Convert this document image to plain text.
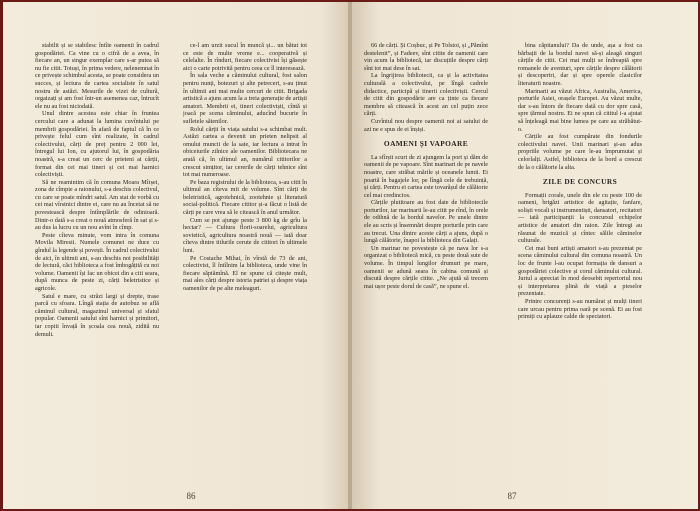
stabilit și se stabilesc întîie oamenii în cadrul gospodăriei. Ca vine cu o cifră de a avea, în fiecare an, un singur exemplar care s-ar putea să nu fie citit. Totuși, în prima vedere, nelenemnat în ce privește schimbul acesta, se poate considera un succes, și lectura de cartea socialiste în satul nostru de astăzi. Mesurile de vizei de cultură, orgaizați și am fost într-un asemenea caz, întrucît ele nu au fost niciodată.

Unul dintre acestea este chiar în fruntea cercului care a adunat la lumina cuvîntului pe membrii gospodăriei. În afară de faptul că în ce privește felul cum sînt realizate, în cadrul colectivului, cărți de preț pentru 2 000 lei, întregul lui Ion, cu ajutorul lui, în gospodăria noastră, s-a creat un cerc de prieteni ai cărții, format din cei mai tineri și cei mai harnici colectiviști.

Să ne reamintim că în comuna Moara Mîrșei, zona de cîmpie a raionului, s-a deschis colectivul, cu care se poate mîndri satul. Am stat de vorbă cu cei mai vîrstnici dintre ei, care nu au încetat să ne povestească despre întîmplările de odinioară. Dintr-o dată s-a creat o nouă atmosferă în sat și s-au dus la lucru cu un nou avînt în cîmp.

Peste cîteva minute, vom intra în comuna Movila Miresii. Numele comunei ne duce cu gîndul la legende și povești. În cadrul colectivului de aici, în ultimii ani, s-au deschis noi posibilități de lectură, căci biblioteca a fost îmbogățită cu noi volume. Oamenii își fac un obicei din a citi seara, după munca de peste zi, cărți beletristice și agricole.

Satul e mare, cu străzi largi și drepte, trase parcă cu sfoara. Lîngă stația de autobuz se află căminul cultural, magazinul universal și sfatul popular. Oamenii satului sînt harnici și primitori, iar copiii învață în școala cea nouă, zidită nu demult.

ce-l am urzit sucul în muncă și... un bătut tot ce este de multe vreme e... cooperativă și celelalte. În rînduri, fiecare colectivist își găsește aici o carte potrivită pentru ceea ce îl interesează.

În sala veche a căminului cultural, fost salon pentru nunți, botezuri și alte petreceri, s-au ținut în ultimii ani mai multe cercuri de citit. Brigada artistică a ajuns acum la a treia generație de artiști amatori. Membrii ei, tineri colectiviști, cîntă și joacă pe scena căminului, aducînd bucurie în sufletele sătenilor.

Rolul cărții în viața satului s-a schimbat mult. Astăzi cartea a devenit un prieten nelipsit al omului muncii de la sate, iar lectura a intrat în obiceiurile zilnice ale oamenilor. Bibliotecara ne arată că, în ultimul an, numărul cititorilor a crescut simțitor, iar cererile de cărți tehnice sînt tot mai numeroase.

Pe baza registrului de la biblioteca, s-au citit în ultimul an cîteva mii de volume. Sînt cărți de beletristică, agrotehnică, zootehnie și literatură social-politică. Fiecare cititor și-a făcut o listă de cărți pe care vrea să le citească în anul următor.

Cum se pot ajunge peste 3 800 kg de grîu la hectar? — Cultura florii-soarelui, agricultura sovietică, agricultura noastră nouă — iată doar cîteva dintre titlurile cerute de cititori în ultimele luni.

Pe Costache Mihai, în vîrstă de 73 de ani, colectivist, îl întîlnim la biblioteca, unde vine în fiecare săptămînă. El ne spune că citește mult, mai ales cărți despre istoria patriei și despre viața oamenilor de pe alte meleaguri.

86

66 de cărți. Și Coșbuc, și Pe Tolstoi, și „Pămînt destelenit”, și Fadeev, sînt citite de oamenii care vin acum la bibliotecă, iar discuțiile despre cărți sînt tot mai dese în sat.

La îngrijirea bibliotecii, ca și la activitatea culturală a colectivului, pe lîngă cadrele didactice, participă și tinerii colectiviști. Cercul de citit din gospodărie are ca ținte ca fiecare membru să citească în acest an cel puțin zece cărți.

Cuvîntul nou despre oamenii noi ai satului de azi ne e spus de ei înșiși.

OAMENI ȘI VAPOARE

La sfîrșit scurt de zi ajungem la port și dăm de oamenii de pe vapoare. Sînt marinari de pe navele noastre, care străbat mările și oceanele lumii. Ei poartă în bagajele lor, pe lîngă cele de trebuință, și cărți. Pentru ei cartea este tovarășul de călătorie cel mai credincios.

Cărțile plutitoare au fost date de bibliotecile porturilor, iar marinarii le-au citit pe rînd, în orele de odihnă de la bordul navelor. Pe unele dintre ele au scris și însemnări despre porturile prin care au trecut. Una dintre aceste cărți a ajuns, după o lungă călătorie, înapoi la biblioteca din Galați.

Un marinar ne povestește că pe nava lor s-a organizat o bibliotecă mică, cu peste două sute de volume. În timpul lungilor drumuri pe mare, oamenii se adună seara în cabina comună și discută despre cărțile citite. „Ne ajută să trecem mai ușor peste dorul de casă”, ne spune el.

bina căpitanului? Da de unde, așa a fost ca bărbații de la bordul navei să-și aleagă singuri cărțile de citit. Cei mai mulți se îndreaptă spre romanele de aventuri, spre cărțile despre călătorii și descoperiri, dar și spre operele clasicilor literaturii noastre.

Marinarii au văzut Africa, Australia, America, porturile Asiei, orașele Europei. Au văzut multe, dar s-au întors de fiecare dată cu dor spre casă, spre țărmul nostru. Ei ne spun că cititul i-a ajutat să înțeleagă mai bine lumea pe care au străbătut-o.

Cărțile au fost cumpărate din fondurile colectivului navei. Unii marinari și-au adus propriile volume pe care le-au împrumutat și celorlalți. Astfel, biblioteca de la bord a crescut de la o călătorie la alta.

ZILE DE CONCURS

Formații corale, unele din ele cu peste 100 de oameni, brigăzi artistice de agitație, fanfare, soliști vocali și instrumentiști, dansatori, recitatori — iată participanții la concursul echipelor artistice de amatori din raion. Zile întregi au răsunat de muzică și cîntec sălile căminelor culturale.

Cei mai buni artiști amatori s-au prezentat pe scena căminului cultural din comuna noastră. Un loc de frunte l-au ocupat formația de dansuri a gospodăriei colective și corul căminului cultural. Juriul a apreciat în mod deosebit repertoriul nou și interpretarea plină de viață a pieselor prezentate.

Printre concurenți s-au numărat și mulți tineri care urcau pentru prima oară pe scenă. Ei au fost primiți cu aplauze calde de spectatori.

87
